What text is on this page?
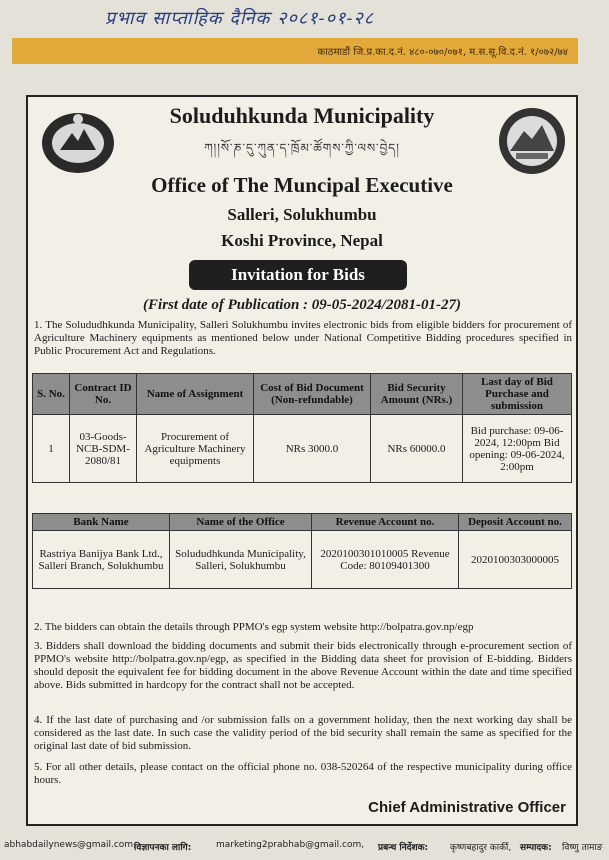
प्रभाव साप्ताहिक दैनिक २०८१-०१-२८
काठमाडौं जि.प्र.का.द.नं. ४८०-०७०/०७१, म.स.सू.वि.द.नं. १/०७२/७४
Soluduhkunda Municipality
ཀ།།སོ་ཎ་དུ་ཀུན་ད་ཁྲོམ་ཚོགས་ཀྱི་ལས་བྱེད།
Office of The Muncipal Executive
Salleri, Solukhumbu
Koshi Province, Nepal
Invitation for Bids
(First date of Publication : 09-05-2024/2081-01-27)
1. The Solududhkunda Municipality, Salleri Solukhumbu invites electronic bids from eligible bidders for procurement of Agriculture Machinery equipments as mentioned below under National Competitive Bidding procedures specified in Public Procurement Act and Regulations.
S. No.	Contract ID No.	Name of Assignment	Cost of Bid Document (Non-refundable)	Bid Security Amount (NRs.)	Last day of Bid Purchase and submission
1	03-Goods-NCB-SDM-2080/81	Procurement of Agriculture Machinery equipments	NRs 3000.0	NRs 60000.0	Bid purchase: 09-06-2024, 12:00pm Bid opening: 09-06-2024, 2:00pm
Bank Name	Name of the Office	Revenue Account no.	Deposit Account no.
Rastriya Banijya Bank Ltd., Salleri Branch, Solukhumbu	Solududhkunda Municipality, Salleri, Solukhumbu	2020100301010005 Revenue Code: 80109401300	2020100303000005
2. The bidders can obtain the details through PPMO's egp system website http://bolpatra.gov.np/egp
3. Bidders shall download the bidding documents and submit their bids electronically through e-procurement section of PPMO's website http://bolpatra.gov.np/egp, as specified in the Bidding data sheet for provision of E-bidding. Bidders should deposit the equivalent fee for bidding document in the above Revenue Account within the date and time specified above. Bids submitted in hardcopy for the contract shall not be accepted.
4. If the last date of purchasing and /or submission falls on a government holiday, then the next working day shall be considered as the last date. In such case the validity period of the bid security shall remain the same as specified for the original last date of bid submission.
5. For all other details, please contact on the official phone no. 038-520264 of the respective municipality during office hours.
Chief Administrative Officer
abhabdailynews@gmail.com,
विज्ञापनका लागि:	marketing2prabhab@gmail.com, प्रबन्ध निर्देशक: कृष्णबहादुर कार्की, सम्पादक: विष्णु तामाङ
